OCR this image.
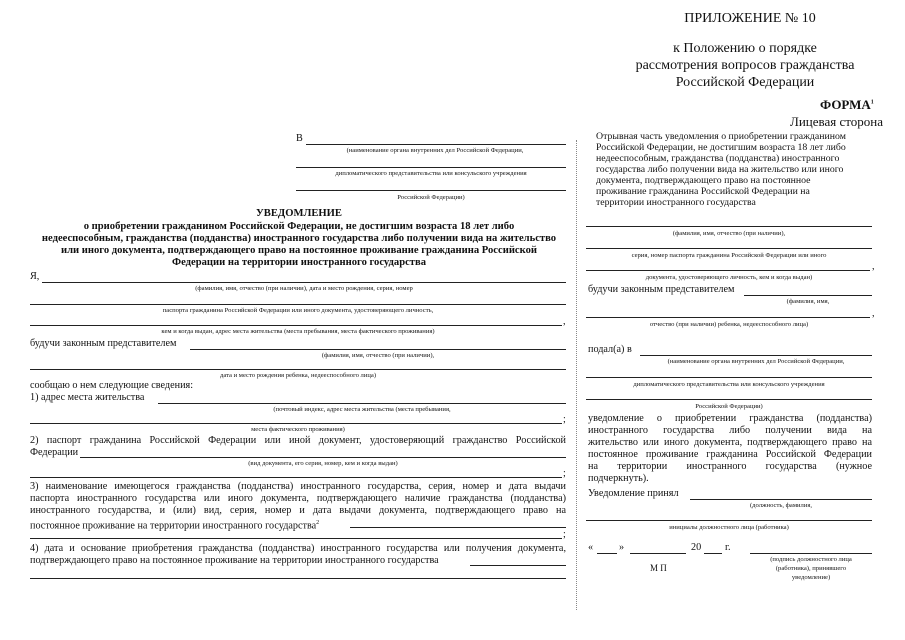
ПРИЛОЖЕНИЕ № 10
к Положению о порядке
рассмотрения вопросов гражданства
Российской Федерации
ФОРМА$^1$
Лицевая сторона
В
(наименование органа внутренних дел Российской Федерации,
дипломатического представительства или консульского учреждения
Российской Федерации)
УВЕДОМЛЕНИЕ
о приобретении гражданином Российской Федерации, не достигшим возраста 18 лет либо
недееспособным, гражданства (подданства) иностранного государства либо получении вида на жительство
или иного документа, подтверждающего право на постоянное проживание гражданина Российской
Федерации на территории иностранного государства
Я,
(фамилия, имя, отчество (при наличии), дата и место рождения, серия, номер
паспорта гражданина Российской Федерации или иного документа, удостоверяющего личность,
,
кем и когда выдан, адрес места жительства (места пребывания, места фактического проживания)
будучи законным представителем
(фамилия, имя, отчество (при наличии),
дата и место рождения ребенка, недееспособного лица)
сообщаю о нем следующие сведения:
1) адрес места жительства
(почтовый индекс, адрес места жительства (места пребывания,
;
места фактического проживания)
2) паспорт гражданина Российской Федерации или иной документ, удостоверяющий гражданство Российской
Федерации
(вид документа, его серия, номер, кем и когда выдан)
;
3) наименование имеющегося гражданства (подданства) иностранного государства, серия, номер и дата выдачи
паспорта иностранного государства или иного документа, подтверждающего наличие гражданства (подданства)
иностранного государства, и (или) вид, серия, номер и дата выдачи документа, подтверждающего право на
постоянное проживание на территории иностранного государства$^2$
;
4) дата и основание приобретения гражданства (подданства) иностранного государства или получения документа,
подтверждающего право на постоянное проживание на территории иностранного государства
Отрывная часть уведомления о приобретении гражданином
Российской Федерации, не достигшим возраста 18 лет либо
недееспособным, гражданства (подданства) иностранного
государства либо получении вида на жительство или иного
документа, подтверждающего право на постоянное
проживание гражданина Российской Федерации на
территории иностранного государства
(фамилия, имя, отчество (при наличии),
серия, номер паспорта гражданина Российской Федерации или иного
,
документа, удостоверяющего личность, кем и когда выдан)
будучи законным представителем
(фамилия, имя,
,
отчество (при наличии) ребенка, недееспособного лица)
подал(а) в
(наименование органа внутренних дел Российской Федерации,
дипломатического представительства или консульского учреждения
Российской Федерации)
уведомление о приобретении гражданства (подданства)
иностранного государства либо получении вида на
жительство или иного документа, подтверждающего право на
постоянное проживание гражданина Российской Федерации
на территории иностранного государства (нужное
подчеркнуть).
Уведомление принял
(должность, фамилия,
инициалы должностного лица (работника)
«	»	20 г.
М П
(подпись должностного лица
(работника), принявшего
уведомление)
